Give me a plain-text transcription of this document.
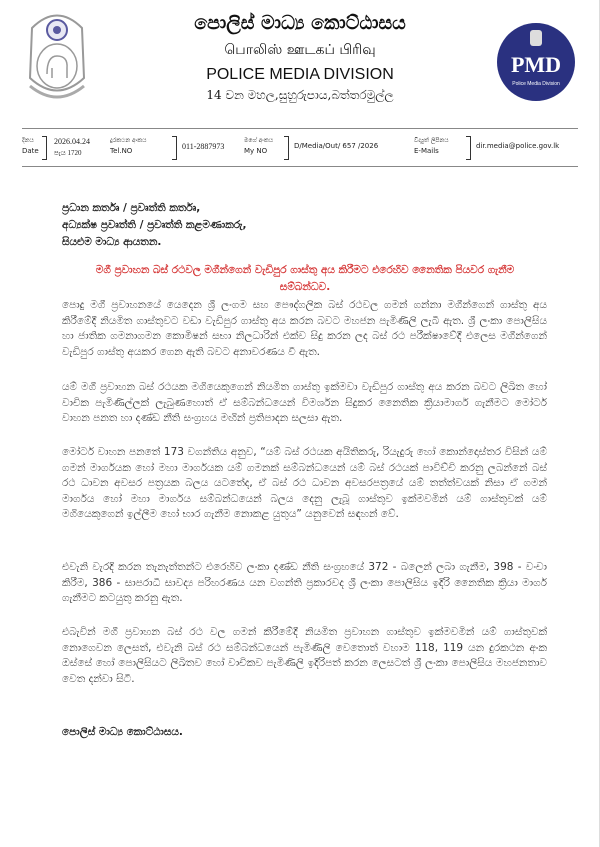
පොලිස් මාධ්‍ය කොට්ඨාසය
பொலிஸ் ஊடகப் பிரிவு
POLICE MEDIA DIVISION
14 වන මහල,සුහුරුපාය,බත්තරමුල්ල
PMD
Police Media Division
දිනය
Date
2026.04.24
පැය 1720
දුරකථන අංකය
Tel.NO	011-2887973
මගේ අංකය
My NO
D/Media/Out/ 657 /2026
විද්‍යුත් ලිපිනය
E-Mails
dir.media@police.gov.lk
ප්‍රධාන කර්තෘ / ප්‍රවෘත්ති කර්තෘ,
අධ්‍යක්ෂ ප්‍රවෘත්ති / ප්‍රවෘත්ති කළමණාකරු,
සියළුම මාධ්‍ය ආයතන.
මගී ප්‍රවාහන බස් රථවල මගීන්ගෙන් වැඩිපුර ගාස්තු අය කිරීමට එරෙහිව නෛතික පියවර ගැනීම සම්බන්ධව.
පොදු මගී ප්‍රවාහනයේ යෙදෙන ශ්‍රී ලංගම සහ පෞද්ගලික බස් රථවල ගමන් ගන්නා මගීන්ගෙන් ගාස්තු අය කිරීමේදී නියමිත ගාස්තුවට වඩා වැඩිපුර ගාස්තු අය කරන බවට මහජන පැමිණිලි ලැබී ඇත. ශ්‍රී ලංකා පොලිසිය හා ජාතික ගමනාගමන කොමිෂන් සභා නිලධාරින් එක්ව සිදු කරන ලද බස් රථ පරීක්ෂාවේදී එලෙස මගීන්ගෙන් වැඩිපුර ගාස්තු අයකර ගෙන ඇති බවට අනාවරණය වී ඇත.
යම් මගී ප්‍රවාහන බස් රථයක මගියෙකුගෙන් නියමිත ගාස්තු ඉක්මවා වැඩිපුර ගාස්තු අය කරන බවට ලිඛිත හෝ වාචික පැමිණිල්ලක් ලැබුණහොත් ඒ සම්බන්ධයෙන් විමර්ශන සිදුකර නෛතික ක්‍රියාමාර්ග ගැනීමට මෝටර් වාහන පනත හා දණ්ඩ නීති සංග්‍රහය මඟින් ප්‍රතිපාදන සලසා ඇත.
මෝටර් වාහන පනතේ 173 වගන්තිය අනුව, “යම් බස් රථයක අයිතිකරු, රියැදුරු හෝ කොන්දොස්තර විසින් යම් ගමන් මාර්ගයක හෝ මහා මාර්ගයක යම් ගමනක් සම්බන්ධයෙන් යම් බස් රථයක් පාවිච්චි කරනු ලබන්නේ බස් රථ ධාවන අවසර පත්‍රයක බලය යටතේද, ඒ බස් රථ ධාවන අවසරපත්‍රයේ යම් තත්ත්වයක් නිසා ඒ ගමන් මාර්ගය හෝ මහා මාර්ගය සම්බන්ධයෙන් බලය දෙනු ලැබූ ගාස්තුව ඉක්මවමින් යම් ගාස්තුවක් යම් මගියෙකුගෙන් ඉල්ලීම හෝ භාර ගැනීම නොකළ යුතුය” යනුවෙන් සඳහන් වේ.
එවැනි වැරදි කරන තැනැත්තන්ට එරෙහිව ලංකා දණ්ඩ නීති සංග්‍රහයේ 372 - බලෙන් ලබා ගැනීම, 398 - වංචා කිරීම, 386 - සාපරාධී සාවද්‍ය පරිහරණය යන වගන්ති ප්‍රකාරවද ශ්‍රී ලංකා පොලිසිය ඉදිරි නෛතික ක්‍රියා මාර්ග ගැනීමට කටයුතු කරනු ඇත.
එබැවින් මගී ප්‍රවාහන බස් රථ වල ගමන් කිරීමේදී නියමිත ප්‍රවාහන ගාස්තුව ඉක්මවමින් යම් ගාස්තුවක් නොගෙවන ලෙසත්, එවැනි බස් රථ සම්බන්ධයෙන් පැමිණිලි වෙතොත් වහාම 118, 119 යන දුරකථන අංක ඔස්සේ හෝ පොලිසියට ලිඛිතව හෝ වාචිකව පැමිණිලි ඉදිරිපත් කරන ලෙසටත් ශ්‍රී ලංකා පොලිසිය මහජනතාව වෙත දන්වා සිටී.
පොලිස් මාධ්‍ය කොට්ඨාසය.
